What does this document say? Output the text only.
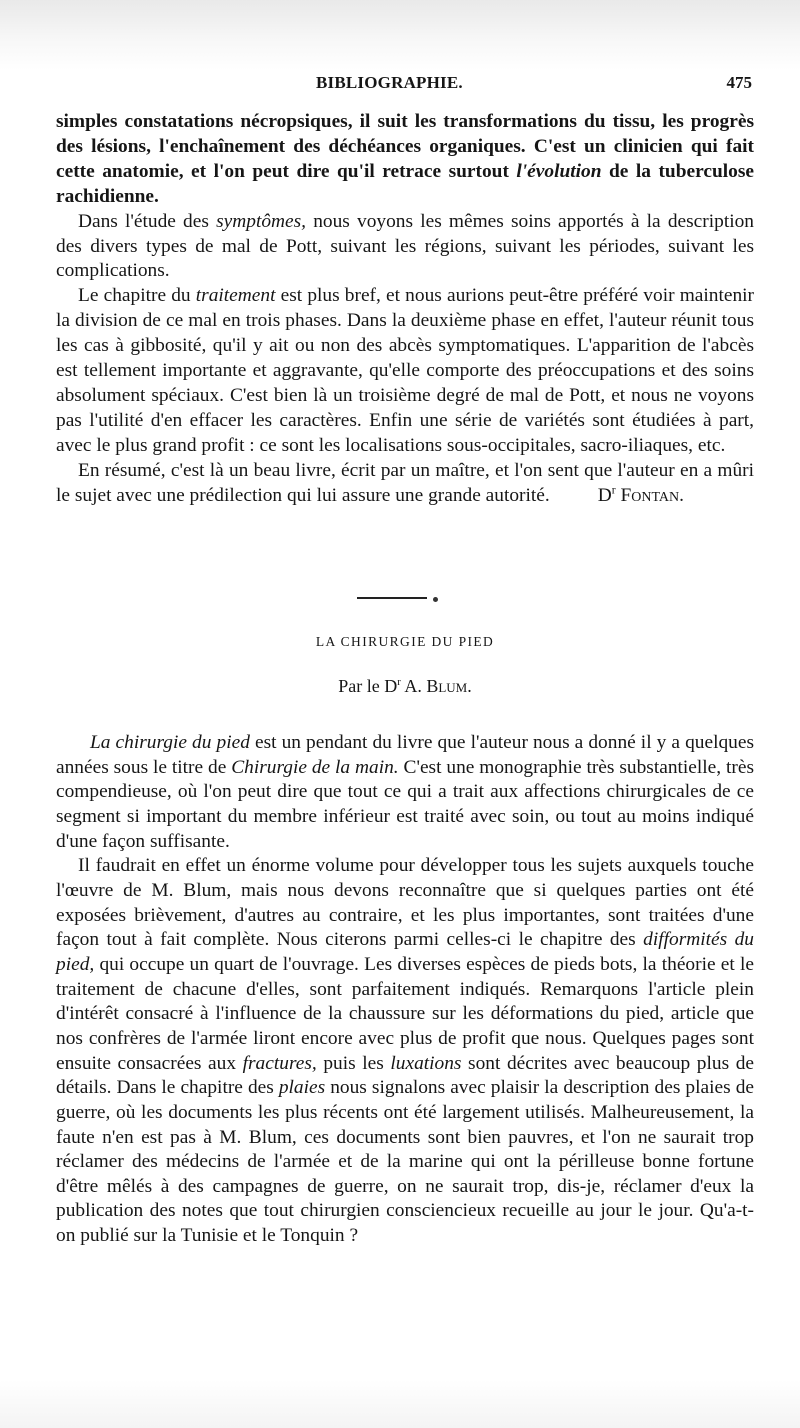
BIBLIOGRAPHIE.	475

simples constatations nécropsiques, il suit les transformations du tissu, les progrès des lésions, l'enchaînement des déchéances organiques. C'est un clinicien qui fait cette anatomie, et l'on peut dire qu'il retrace surtout l'évolution de la tuberculose rachidienne.

Dans l'étude des symptômes, nous voyons les mêmes soins apportés à la description des divers types de mal de Pott, suivant les régions, suivant les périodes, suivant les complications.

Le chapitre du traitement est plus bref, et nous aurions peut-être préféré voir maintenir la division de ce mal en trois phases. Dans la deuxième phase en effet, l'auteur réunit tous les cas à gibbosité, qu'il y ait ou non des abcès symptomatiques. L'apparition de l'abcès est tellement importante et aggravante, qu'elle comporte des préoccupations et des soins absolument spéciaux. C'est bien là un troisième degré de mal de Pott, et nous ne voyons pas l'utilité d'en effacer les caractères. Enfin une série de variétés sont étudiées à part, avec le plus grand profit : ce sont les localisations sous-occipitales, sacro-iliaques, etc.

En résumé, c'est là un beau livre, écrit par un maître, et l'on sent que l'auteur en a mûri le sujet avec une prédilection qui lui assure une grande autorité.	$D^r$ Fontan.

LA CHIRURGIE DU PIED
Par le $D^r$ A. Blum.

La chirurgie du pied est un pendant du livre que l'auteur nous a donné il y a quelques années sous le titre de Chirurgie de la main. C'est une monographie très substantielle, très compendieuse, où l'on peut dire que tout ce qui a trait aux affections chirurgicales de ce segment si important du membre inférieur est traité avec soin, ou tout au moins indiqué d'une façon suffisante.

Il faudrait en effet un énorme volume pour développer tous les sujets auxquels touche l'œuvre de M. Blum, mais nous devons reconnaître que si quelques parties ont été exposées brièvement, d'autres au contraire, et les plus importantes, sont traitées d'une façon tout à fait complète. Nous citerons parmi celles-ci le chapitre des difformités du pied, qui occupe un quart de l'ouvrage. Les diverses espèces de pieds bots, la théorie et le traitement de chacune d'elles, sont parfaitement indiqués. Remarquons l'article plein d'intérêt consacré à l'influence de la chaussure sur les déformations du pied, article que nos confrères de l'armée liront encore avec plus de profit que nous. Quelques pages sont ensuite consacrées aux fractures, puis les luxations sont décrites avec beaucoup plus de détails. Dans le chapitre des plaies nous signalons avec plaisir la description des plaies de guerre, où les documents les plus récents ont été largement utilisés. Malheureusement, la faute n'en est pas à M. Blum, ces documents sont bien pauvres, et l'on ne saurait trop réclamer des médecins de l'armée et de la marine qui ont la périlleuse bonne fortune d'être mêlés à des campagnes de guerre, on ne saurait trop, dis-je, réclamer d'eux la publication des notes que tout chirurgien consciencieux recueille au jour le jour. Qu'a-t-on publié sur la Tunisie et le Tonquin ?
